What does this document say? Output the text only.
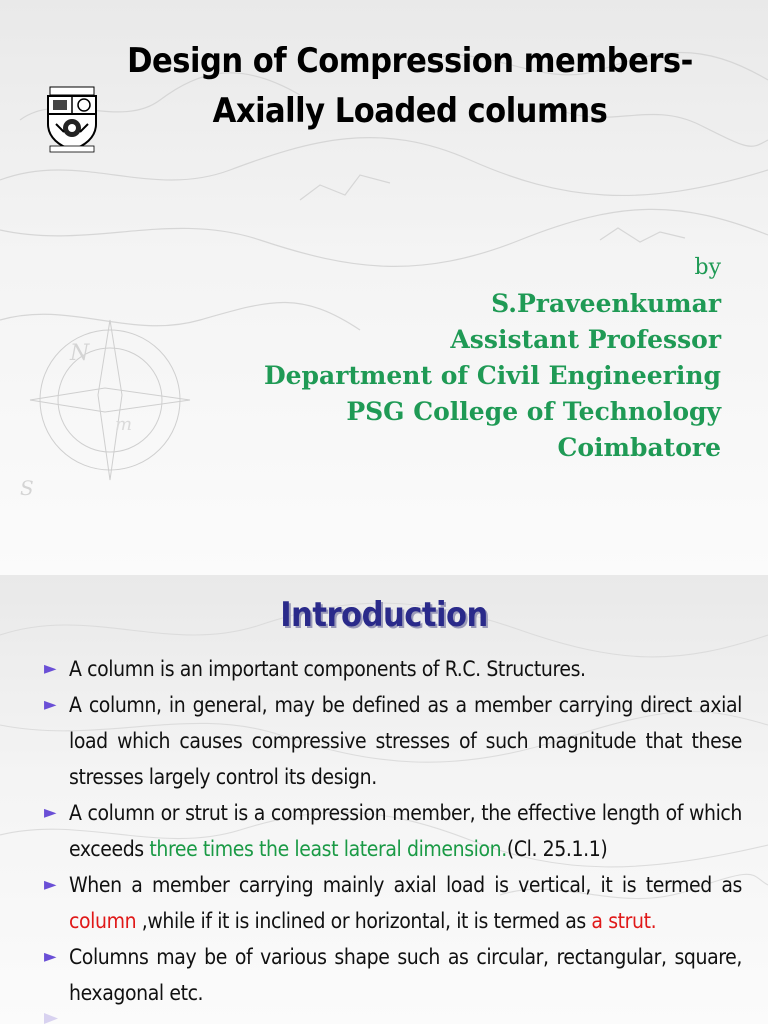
N
S
m
Design of Compression members-
Axially Loaded columns
by
S.Praveenkumar
Assistant Professor
Department of Civil Engineering
PSG College of Technology
Coimbatore
Introduction
► A column is an important components of R.C. Structures.
► A column, in general, may be defined as a member carrying direct axial load which causes compressive stresses of such magnitude that these stresses largely control its design.
► A column or strut is a compression member, the effective length of which exceeds three times the least lateral dimension.(Cl. 25.1.1)
► When a member carrying mainly axial load is vertical, it is termed as column ,while if it is inclined or horizontal, it is termed as a strut.
► Columns may be of various shape such as circular, rectangular, square, hexagonal etc.
